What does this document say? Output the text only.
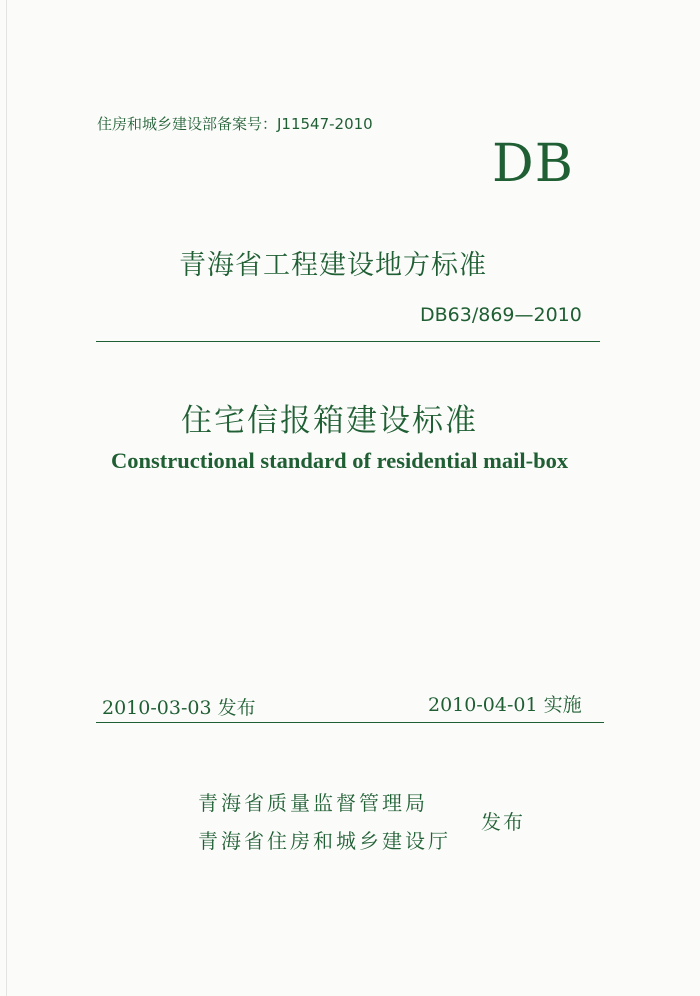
住房和城乡建设部备案号：J11547-2010
DB
青海省工程建设地方标准
DB63/869—2010
住宅信报箱建设标准
Constructional standard of residential mail-box
2010-03-03 发布	2010-04-01 实施
青海省质量监督管理局
青海省住房和城乡建设厅
发布
